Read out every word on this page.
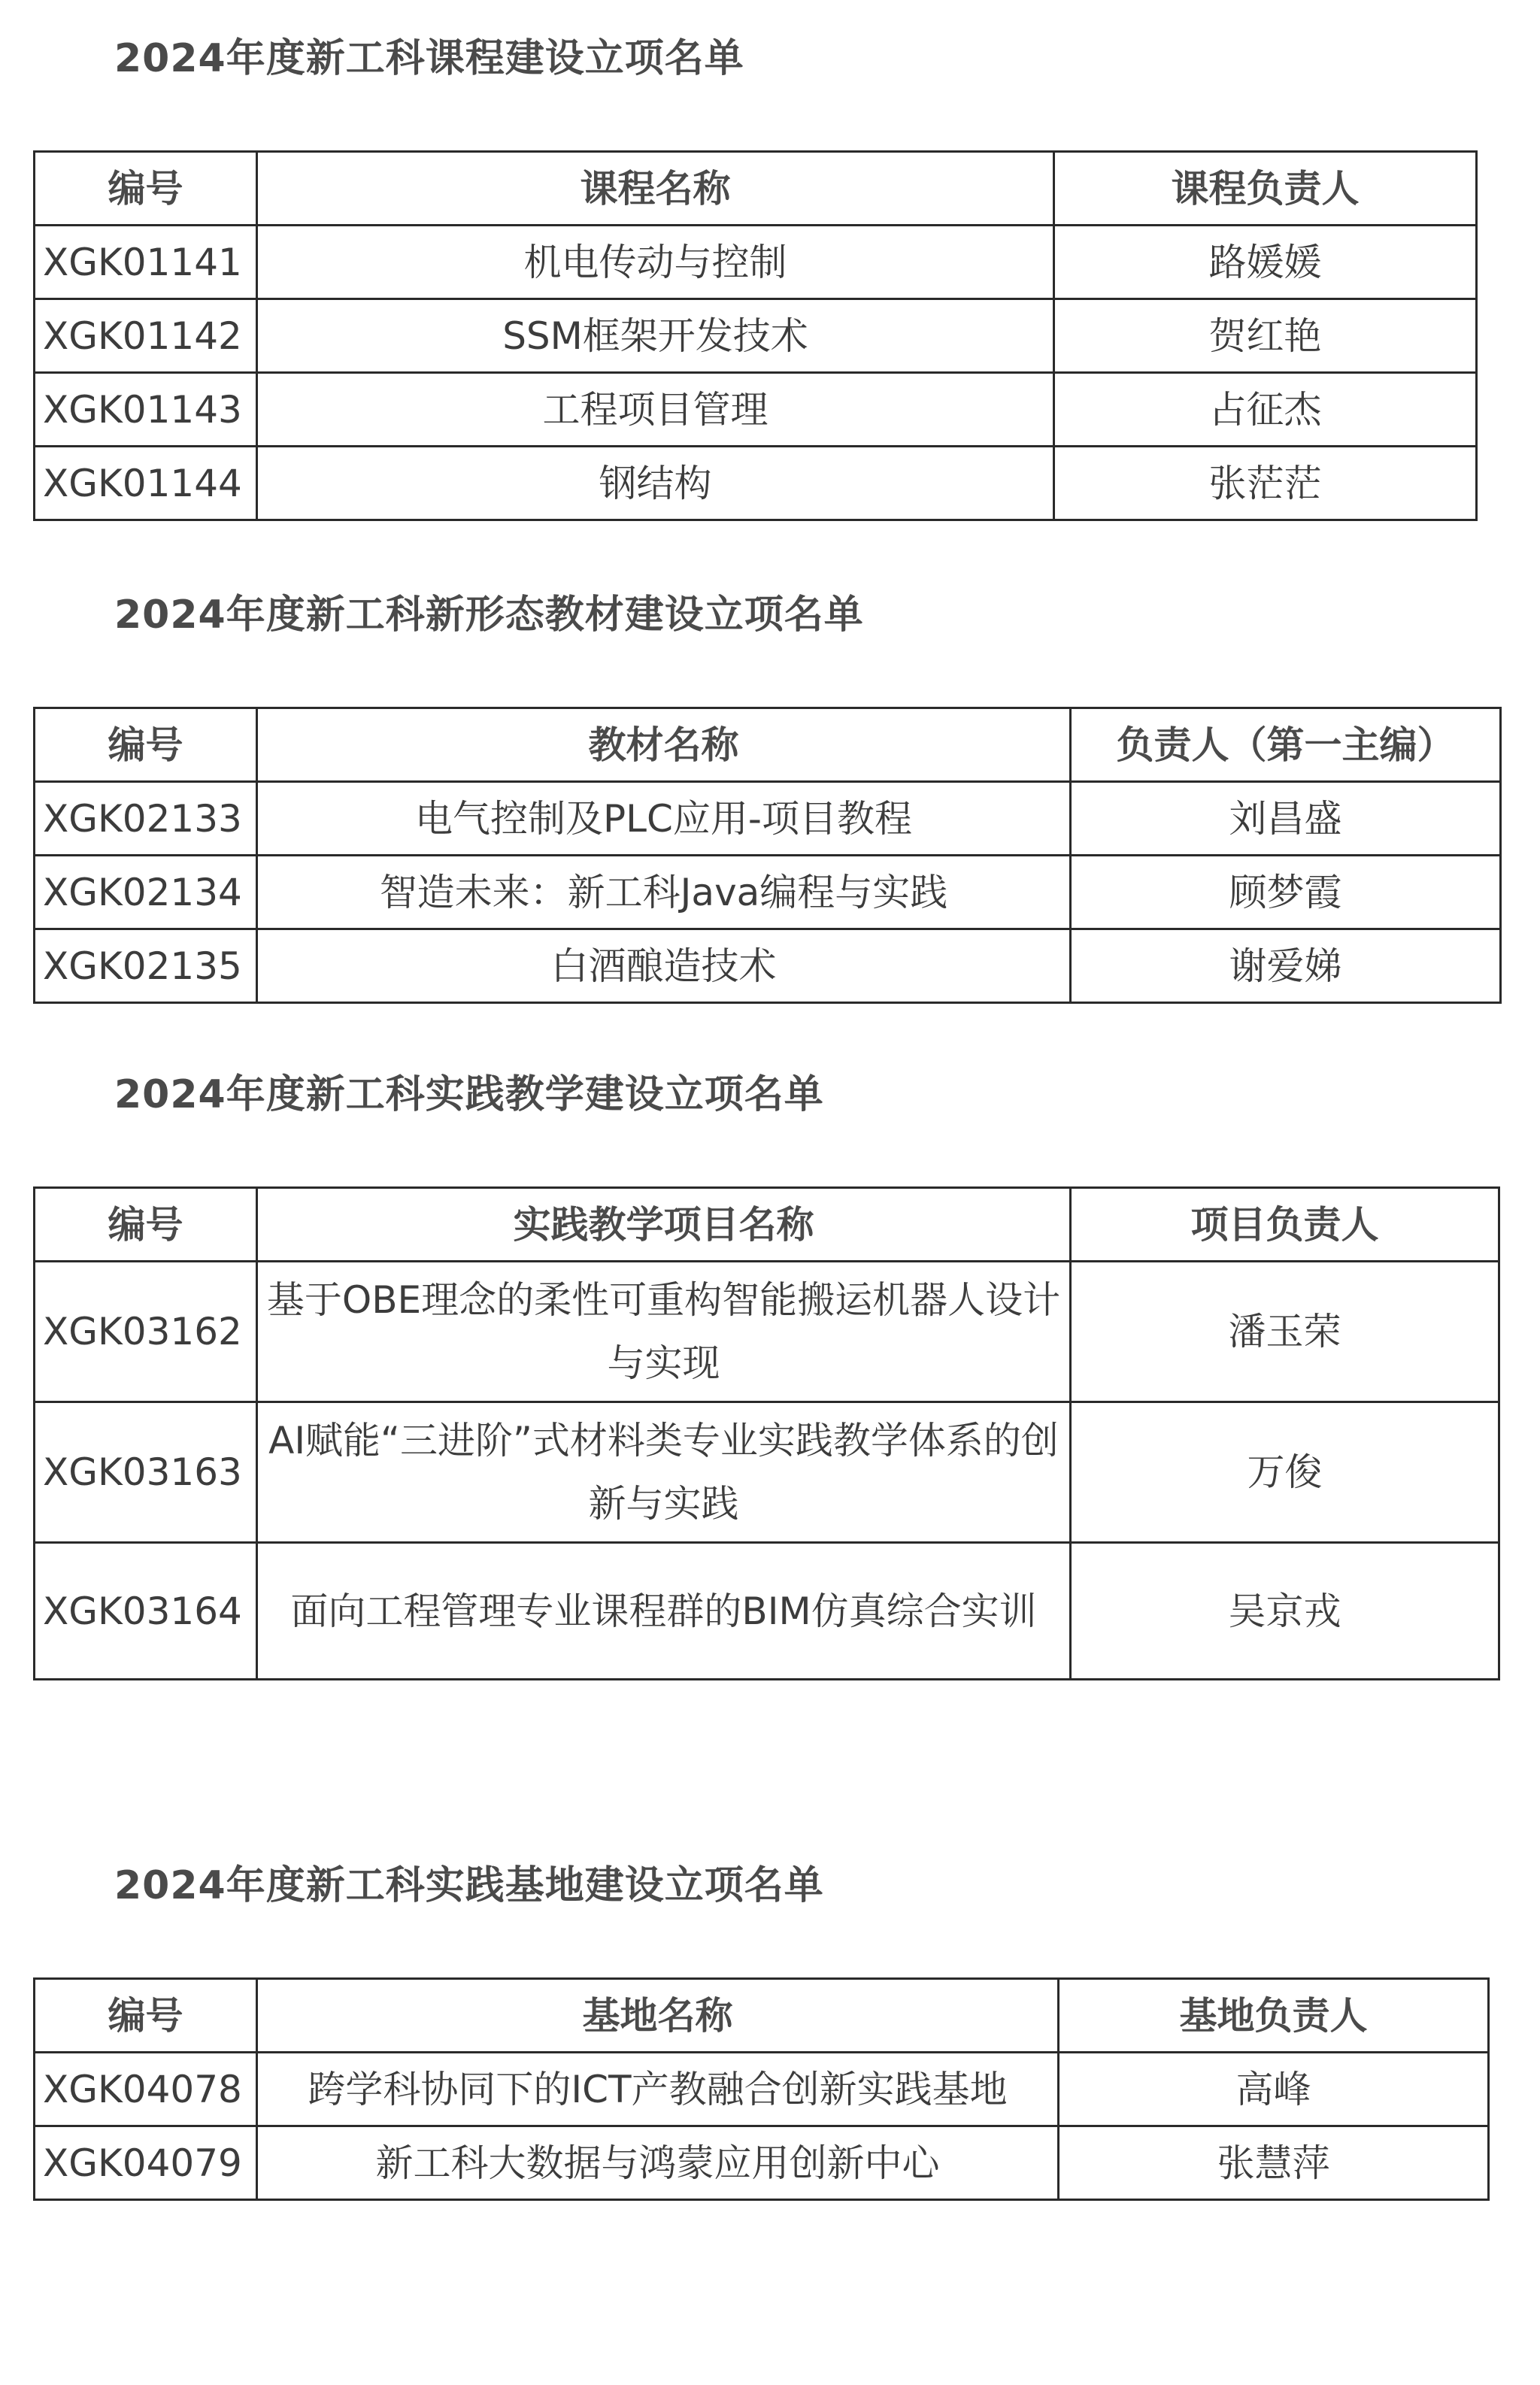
2024年度新工科课程建设立项名单
编号	课程名称	课程负责人
XGK01141	机电传动与控制	路媛媛
XGK01142	SSM框架开发技术	贺红艳
XGK01143	工程项目管理	占征杰
XGK01144	钢结构	张茫茫
2024年度新工科新形态教材建设立项名单
编号	教材名称	负责人（第一主编）
XGK02133	电气控制及PLC应用-项目教程	刘昌盛
XGK02134	智造未来：新工科Java编程与实践	顾梦霞
XGK02135	白酒酿造技术	谢爱娣
2024年度新工科实践教学建设立项名单
编号	实践教学项目名称	项目负责人
XGK03162	基于OBE理念的柔性可重构智能搬运机器人设计与实现	潘玉荣
XGK03163	AI赋能“三进阶”式材料类专业实践教学体系的创新与实践	万俊
XGK03164	面向工程管理专业课程群的BIM仿真综合实训	吴京戎
2024年度新工科实践基地建设立项名单
编号	基地名称	基地负责人
XGK04078	跨学科协同下的ICT产教融合创新实践基地	高峰
XGK04079	新工科大数据与鸿蒙应用创新中心	张慧萍
